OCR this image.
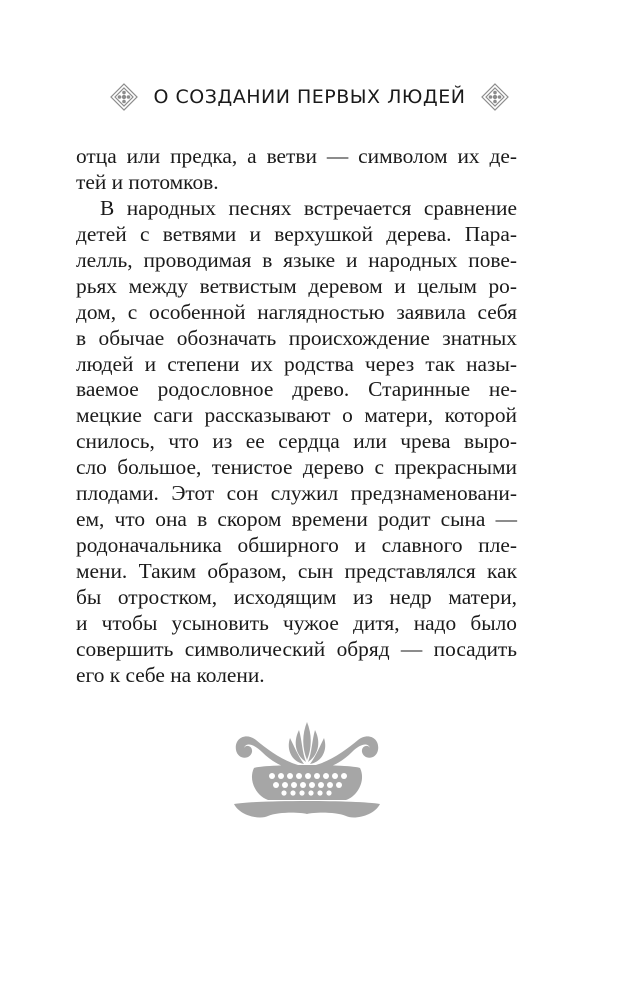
О СОЗДАНИИ ПЕРВЫХ ЛЮДЕЙ
отца или предка, а ветви — символом их де-
тей и потомков.
В народных песнях встречается сравнение
детей с ветвями и верхушкой дерева. Пара-
лелль, проводимая в языке и народных пове-
рьях между ветвистым деревом и целым ро-
дом, с особенной наглядностью заявила себя
в обычае обозначать происхождение знатных
людей и степени их родства через так назы-
ваемое родословное древо. Старинные не-
мецкие саги рассказывают о матери, которой
снилось, что из ее сердца или чрева выро-
сло большое, тенистое дерево с прекрасными
плодами. Этот сон служил предзнаменовани-
ем, что она в скором времени родит сына —
родоначальника обширного и славного пле-
мени. Таким образом, сын представлялся как
бы отростком, исходящим из недр матери,
и чтобы усыновить чужое дитя, надо было
совершить символический обряд — посадить
его к себе на колени.
